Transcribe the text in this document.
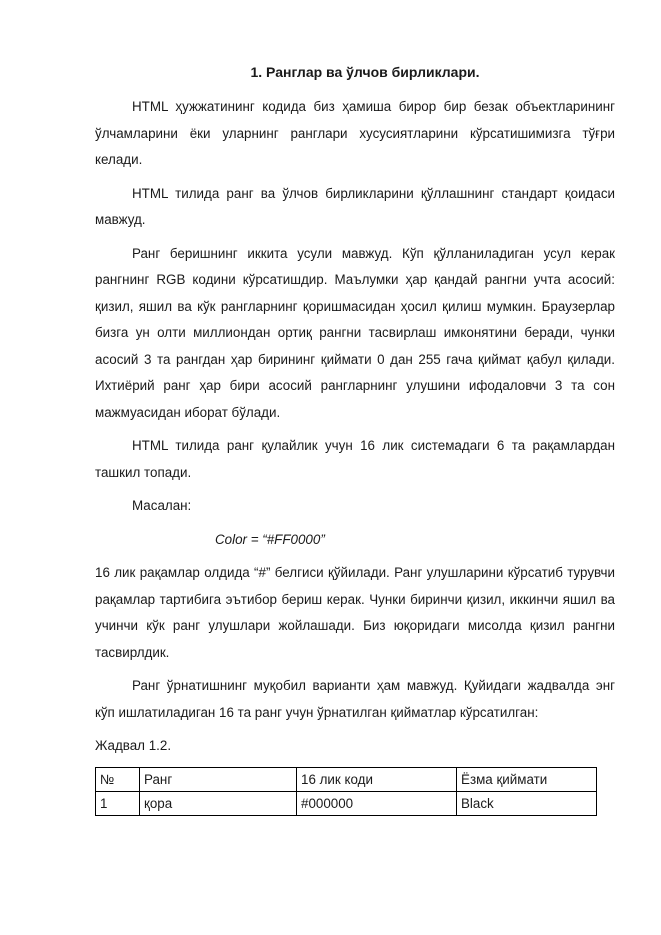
1. Ранглар ва ўлчов бирликлари.

HTML ҳужжатининг кодида биз ҳамиша бирор бир безак объектларининг ўлчамларини ёки уларнинг ранглари хусусиятларини кўрсатишимизга тўғри келади.

HTML тилида ранг ва ўлчов бирликларини қўллашнинг стандарт қоидаси мавжуд.

Ранг беришнинг иккита усули мавжуд. Кўп қўлланиладиган усул керак рангнинг RGB кодини кўрсатишдир. Маълумки ҳар қандай рангни учта асосий: қизил, яшил ва кўк рангларнинг қоришмасидан ҳосил қилиш мумкин. Браузерлар бизга ун олти миллиондан ортиқ рангни тасвирлаш имконятини беради, чунки асосий 3 та рангдан ҳар бирининг қиймати 0 дан 255 гача қиймат қабул қилади. Ихтиёрий ранг ҳар бири асосий рангларнинг улушини ифодаловчи 3 та сон мажмуасидан иборат бўлади.

HTML тилида ранг қулайлик учун 16 лик системадаги 6 та рақамлардан ташкил топади.

Масалан:

Color = “#FF0000”

16 лик рақамлар олдида “#” белгиси қўйилади. Ранг улушларини кўрсатиб турувчи рақамлар тартибига эътибор бериш керак. Чунки биринчи қизил, иккинчи яшил ва учинчи кўк ранг улушлари жойлашади. Биз юқоридаги мисолда қизил рангни тасвирлдик.

Ранг ўрнатишнинг муқобил варианти ҳам мавжуд. Қуйидаги жадвалда энг кўп ишлатиладиган 16 та ранг учун ўрнатилган қийматлар кўрсатилган:

Жадвал 1.2.

№	Ранг	16 лик коди	Ёзма қиймати
1	қора	#000000	Black
